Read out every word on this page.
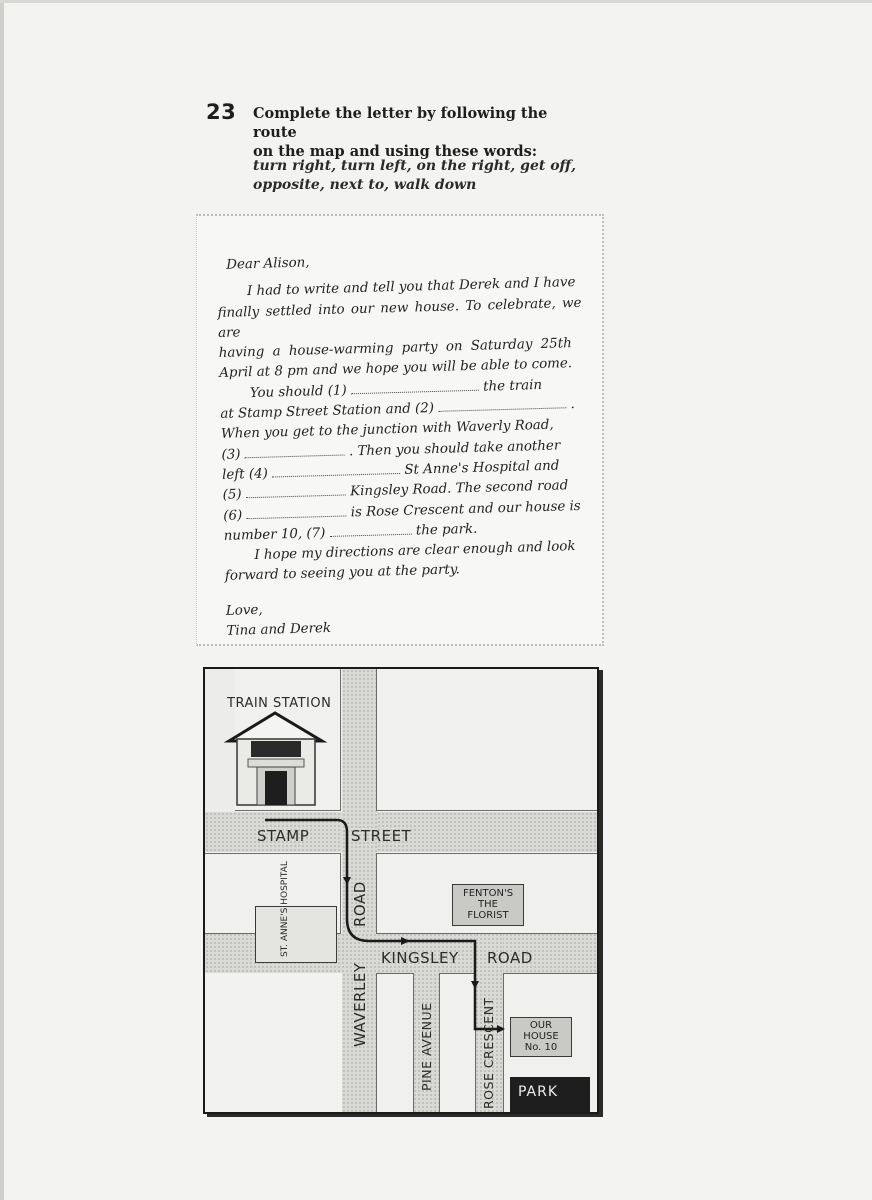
23 Complete the letter by following the route
on the map and using these words:
turn right, turn left, on the right, get off,
opposite, next to, walk down

Dear Alison,

I had to write and tell you that Derek and I have

finally settled into our new house. To celebrate, we are

having a house-warming party on Saturday 25th

April at 8 pm and we hope you will be able to come.

You should (1)	the train

at Stamp Street Station and (2)	.

When you get to the junction with Waverly Road,

(3)	. Then you should take another

left (4)	St Anne's Hospital and

(5)	Kingsley Road. The second road

(6)	is Rose Crescent and our house is

number 10, (7)	the park.

I hope my directions are clear enough and look

forward to seeing you at the party.

Love,

Tina and Derek

TRAIN STATION
STAMP	STREET
ROAD
WAVERLEY
KINGSLEY ROAD
PINE AVENUE	ROSE CRESCENT
ST. ANNE'S HOSPITAL	FENTON'S
THE
FLORIST
OUR
HOUSE
No. 10
PARK
